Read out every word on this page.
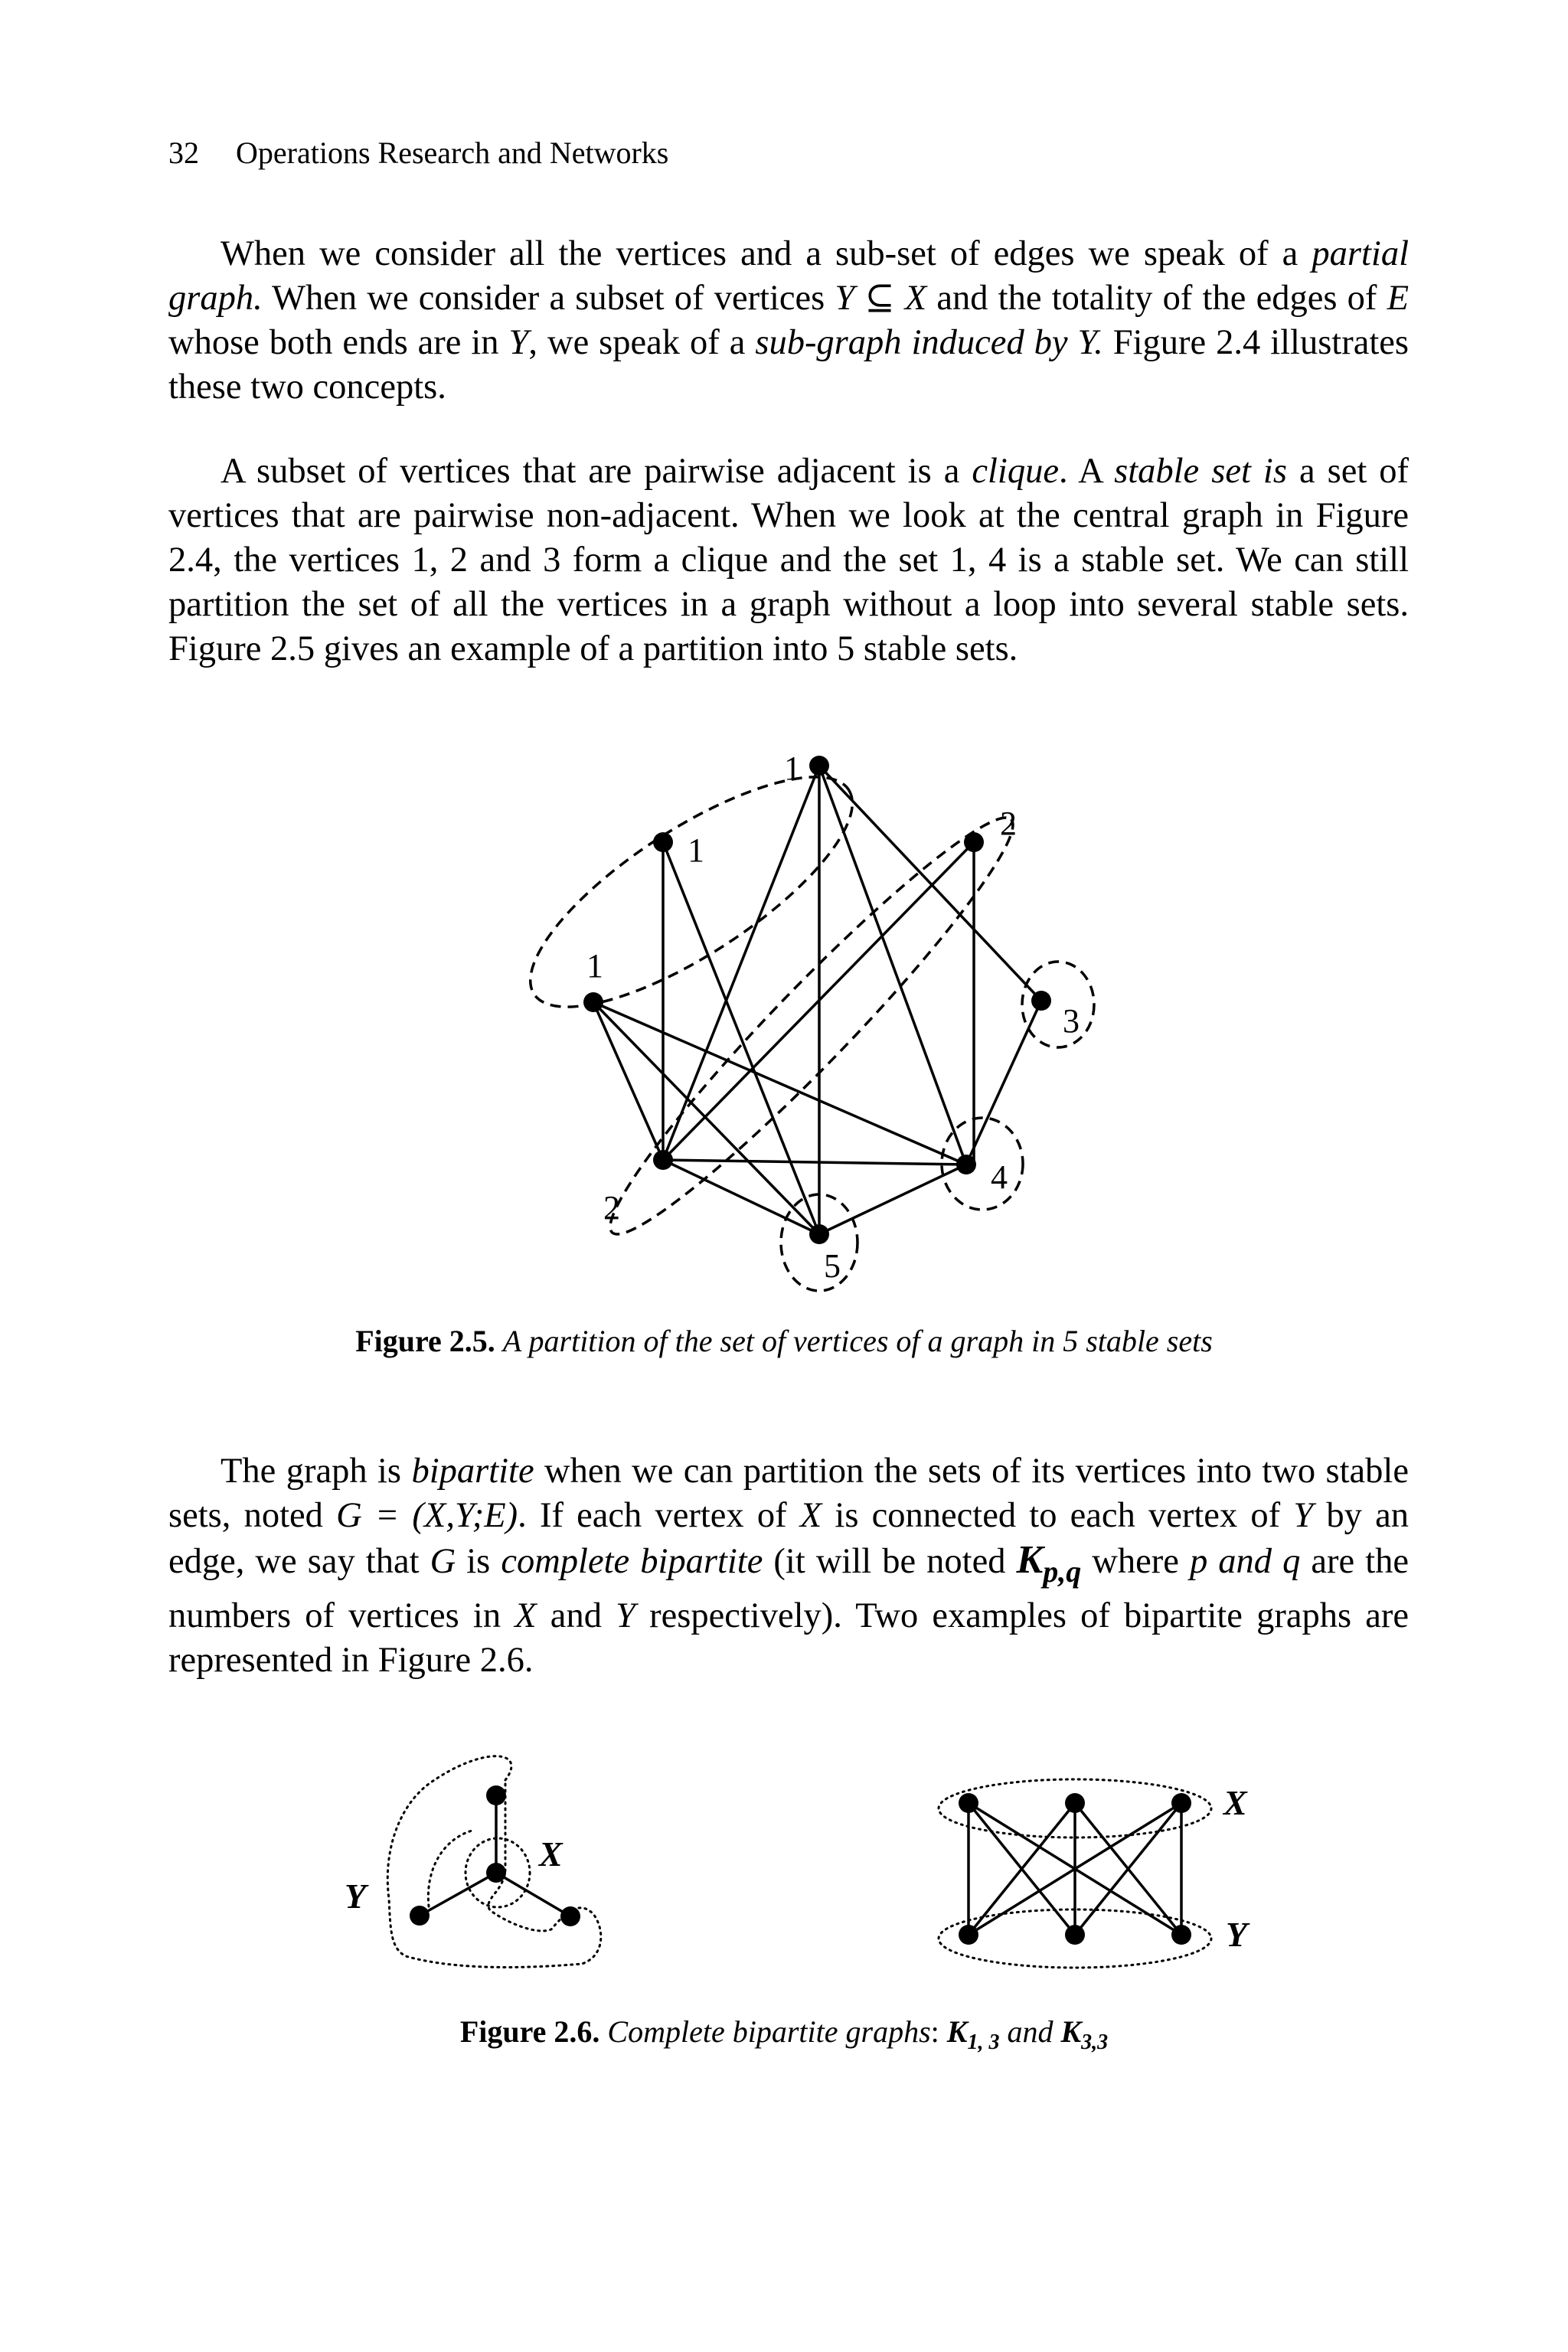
32 Operations Research and Networks

When we consider all the vertices and a sub-set of edges we speak of a partial graph. When we consider a subset of vertices Y ⊆ X and the totality of the edges of E whose both ends are in Y, we speak of a sub-graph induced by Y. Figure 2.4 illustrates these two concepts.

A subset of vertices that are pairwise adjacent is a clique. A stable set is a set of vertices that are pairwise non-adjacent. When we look at the central graph in Figure 2.4, the vertices 1, 2 and 3 form a clique and the set 1, 4 is a stable set. We can still partition the set of all the vertices in a graph without a loop into several stable sets. Figure 2.5 gives an example of a partition into 5 stable sets.

1
1
1
2
3
2
4
5
Figure 2.5. A partition of the set of vertices of a graph in 5 stable sets

The graph is bipartite when we can partition the sets of its vertices into two stable sets, noted G = (X,Y;E). If each vertex of X is connected to each vertex of Y by an edge, we say that G is complete bipartite (it will be noted $K_{p,q}$ where p and q are the numbers of vertices in X and Y respectively). Two examples of bipartite graphs are represented in Figure 2.6.

X
Y
X
Y
Figure 2.6. Complete bipartite graphs: $K_{1, 3}$ and $K_{3,3}$
